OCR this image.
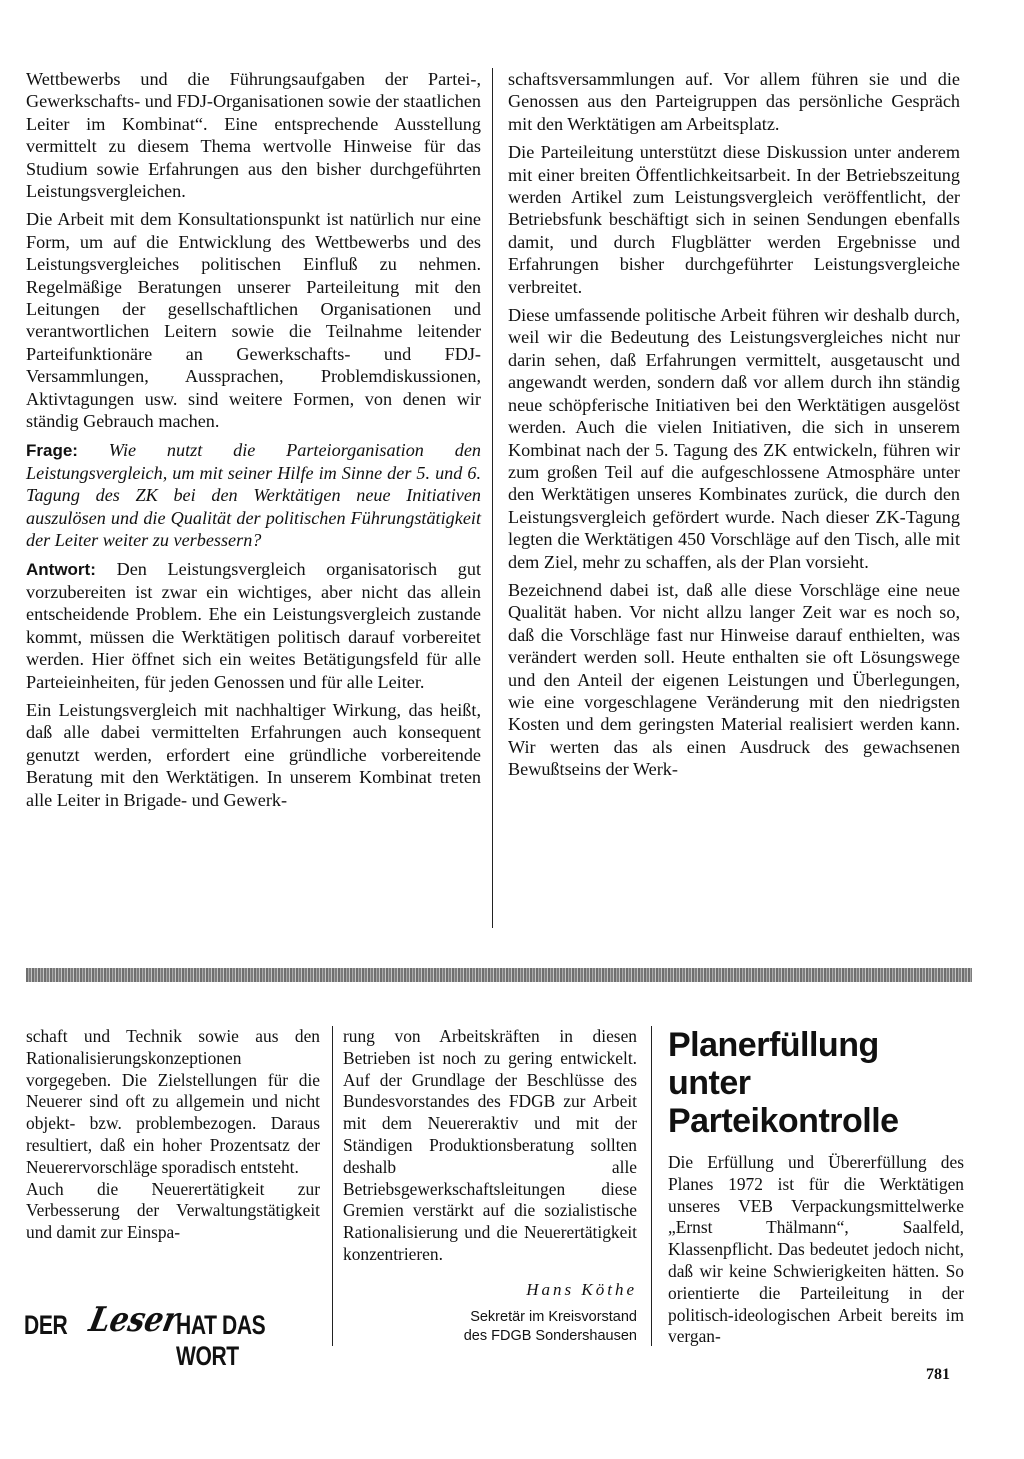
Wettbewerbs und die Führungsaufgaben der Partei-, Gewerkschafts- und FDJ-Organisationen sowie der staatlichen Leiter im Kombinat“. Eine entsprechende Ausstellung vermittelt zu diesem Thema wertvolle Hinweise für das Studium sowie Erfahrungen aus den bisher durchgeführten Leistungsvergleichen.

Die Arbeit mit dem Konsultationspunkt ist natürlich nur eine Form, um auf die Entwicklung des Wettbewerbs und des Leistungsvergleiches politischen Einfluß zu nehmen. Regelmäßige Beratungen unserer Parteileitung mit den Leitungen der gesellschaftlichen Organisationen und verantwortlichen Leitern sowie die Teilnahme leitender Parteifunktionäre an Gewerkschafts- und FDJ-Versammlungen, Aussprachen, Problemdiskussionen, Aktivtagungen usw. sind weitere Formen, von denen wir ständig Gebrauch machen.

Frage: Wie nutzt die Parteiorganisation den Leistungsvergleich, um mit seiner Hilfe im Sinne der 5. und 6. Tagung des ZK bei den Werktätigen neue Initiativen auszulösen und die Qualität der politischen Führungstätigkeit der Leiter weiter zu verbessern?

Antwort: Den Leistungsvergleich organisatorisch gut vorzubereiten ist zwar ein wichtiges, aber nicht das allein entscheidende Problem. Ehe ein Leistungsvergleich zustande kommt, müssen die Werktätigen politisch darauf vorbereitet werden. Hier öffnet sich ein weites Betätigungsfeld für alle Parteieinheiten, für jeden Genossen und für alle Leiter.

Ein Leistungsvergleich mit nachhaltiger Wirkung, das heißt, daß alle dabei vermittelten Erfahrungen auch konsequent genutzt werden, erfordert eine gründliche vorbereitende Beratung mit den Werktätigen. In unserem Kombinat treten alle Leiter in Brigade- und Gewerk-

schaftsversammlungen auf. Vor allem führen sie und die Genossen aus den Parteigruppen das persönliche Gespräch mit den Werktätigen am Arbeitsplatz.

Die Parteileitung unterstützt diese Diskussion unter anderem mit einer breiten Öffentlichkeitsarbeit. In der Betriebszeitung werden Artikel zum Leistungsvergleich veröffentlicht, der Betriebsfunk beschäftigt sich in seinen Sendungen ebenfalls damit, und durch Flugblätter werden Ergebnisse und Erfahrungen bisher durchgeführter Leistungsvergleiche verbreitet.

Diese umfassende politische Arbeit führen wir deshalb durch, weil wir die Bedeutung des Leistungsvergleiches nicht nur darin sehen, daß Erfahrungen vermittelt, ausgetauscht und angewandt werden, sondern daß vor allem durch ihn ständig neue schöpferische Initiativen bei den Werktätigen ausgelöst werden. Auch die vielen Initiativen, die sich in unserem Kombinat nach der 5. Tagung des ZK entwickeln, führen wir zum großen Teil auf die aufgeschlossene Atmosphäre unter den Werktätigen unseres Kombinates zurück, die durch den Leistungsvergleich gefördert wurde. Nach dieser ZK-Tagung legten die Werktätigen 450 Vorschläge auf den Tisch, alle mit dem Ziel, mehr zu schaffen, als der Plan vorsieht.

Bezeichnend dabei ist, daß alle diese Vorschläge eine neue Qualität haben. Vor nicht allzu langer Zeit war es noch so, daß die Vorschläge fast nur Hinweise darauf enthielten, was verändert werden soll. Heute enthalten sie oft Lösungswege und den Anteil der eigenen Leistungen und Überlegungen, wie eine vorgeschlagene Veränderung mit den niedrigsten Kosten und dem geringsten Material realisiert werden kann. Wir werten das als einen Ausdruck des gewachsenen Bewußtseins der Werk-

schaft und Technik sowie aus den Rationalisierungskonzeptionen vorgegeben. Die Zielstellungen für die Neuerer sind oft zu allgemein und nicht objekt- bzw. problembezogen. Daraus resultiert, daß ein hoher Prozentsatz der Neuerervorschläge sporadisch entsteht.

Auch die Neuerertätigkeit zur Verbesserung der Verwaltungstätigkeit und damit zur Einspa-

rung von Arbeitskräften in diesen Betrieben ist noch zu gering entwickelt. Auf der Grundlage der Beschlüsse des Bundesvorstandes des FDGB zur Arbeit mit dem Neuereraktiv und mit der Ständigen Produktionsberatung sollten deshalb alle Betriebsgewerkschaftsleitungen diese Gremien verstärkt auf die sozialistische Rationalisierung und die Neuerertätigkeit konzentrieren.

Hans Köthe
Sekretär im Kreisvorstand
des FDGB Sondershausen
DER Leser
HAT DAS WORT
Planerfüllung
unter
Parteikontrolle

Die Erfüllung und Übererfüllung des Planes 1972 ist für die Werktätigen unseres VEB Verpackungsmittelwerke „Ernst Thälmann“, Saalfeld, Klassenpflicht. Das bedeutet jedoch nicht, daß wir keine Schwierigkeiten hätten. So orientierte die Parteileitung in der politisch-ideologischen Arbeit bereits im vergan-

781
